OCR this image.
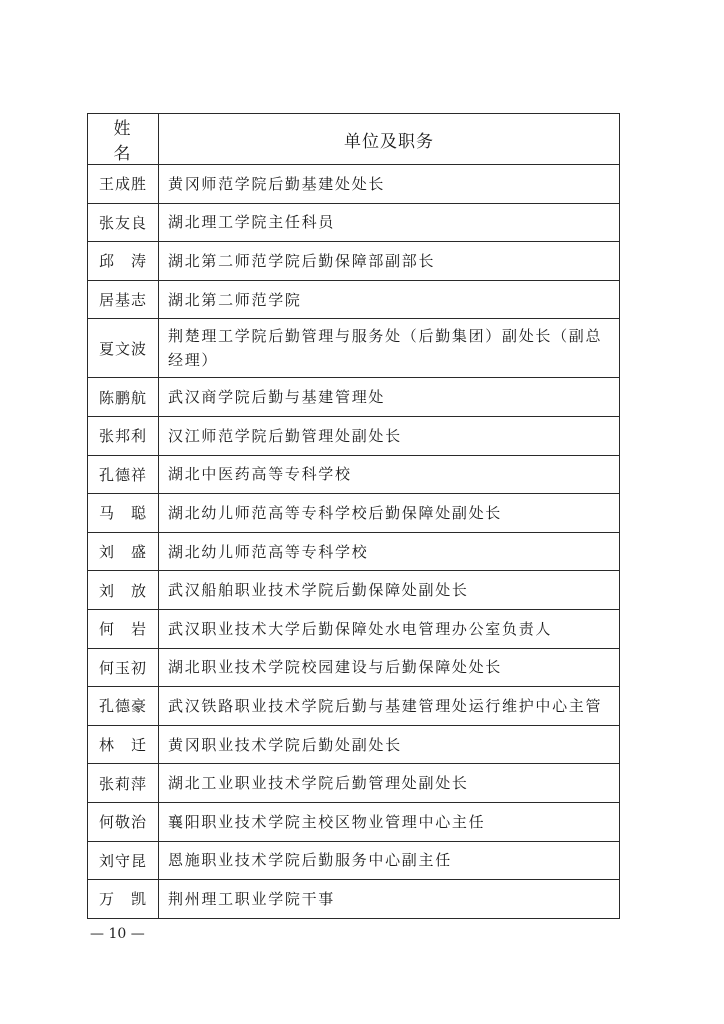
姓名	单位及职务
王成胜	黄冈师范学院后勤基建处处长
张友良	湖北理工学院主任科员
邱　涛	湖北第二师范学院后勤保障部副部长
居基志	湖北第二师范学院
夏文波	荆楚理工学院后勤管理与服务处（后勤集团）副处长（副总经理）
陈鹏航	武汉商学院后勤与基建管理处
张邦利	汉江师范学院后勤管理处副处长
孔德祥	湖北中医药高等专科学校
马　聪	湖北幼儿师范高等专科学校后勤保障处副处长
刘　盛	湖北幼儿师范高等专科学校
刘　放	武汉船舶职业技术学院后勤保障处副处长
何　岩	武汉职业技术大学后勤保障处水电管理办公室负责人
何玉初	湖北职业技术学院校园建设与后勤保障处处长
孔德豪	武汉铁路职业技术学院后勤与基建管理处运行维护中心主管
林　迁	黄冈职业技术学院后勤处副处长
张莉萍	湖北工业职业技术学院后勤管理处副处长
何敬治	襄阳职业技术学院主校区物业管理中心主任
刘守昆	恩施职业技术学院后勤服务中心副主任
万　凯	荆州理工职业学院干事
— 10 —
